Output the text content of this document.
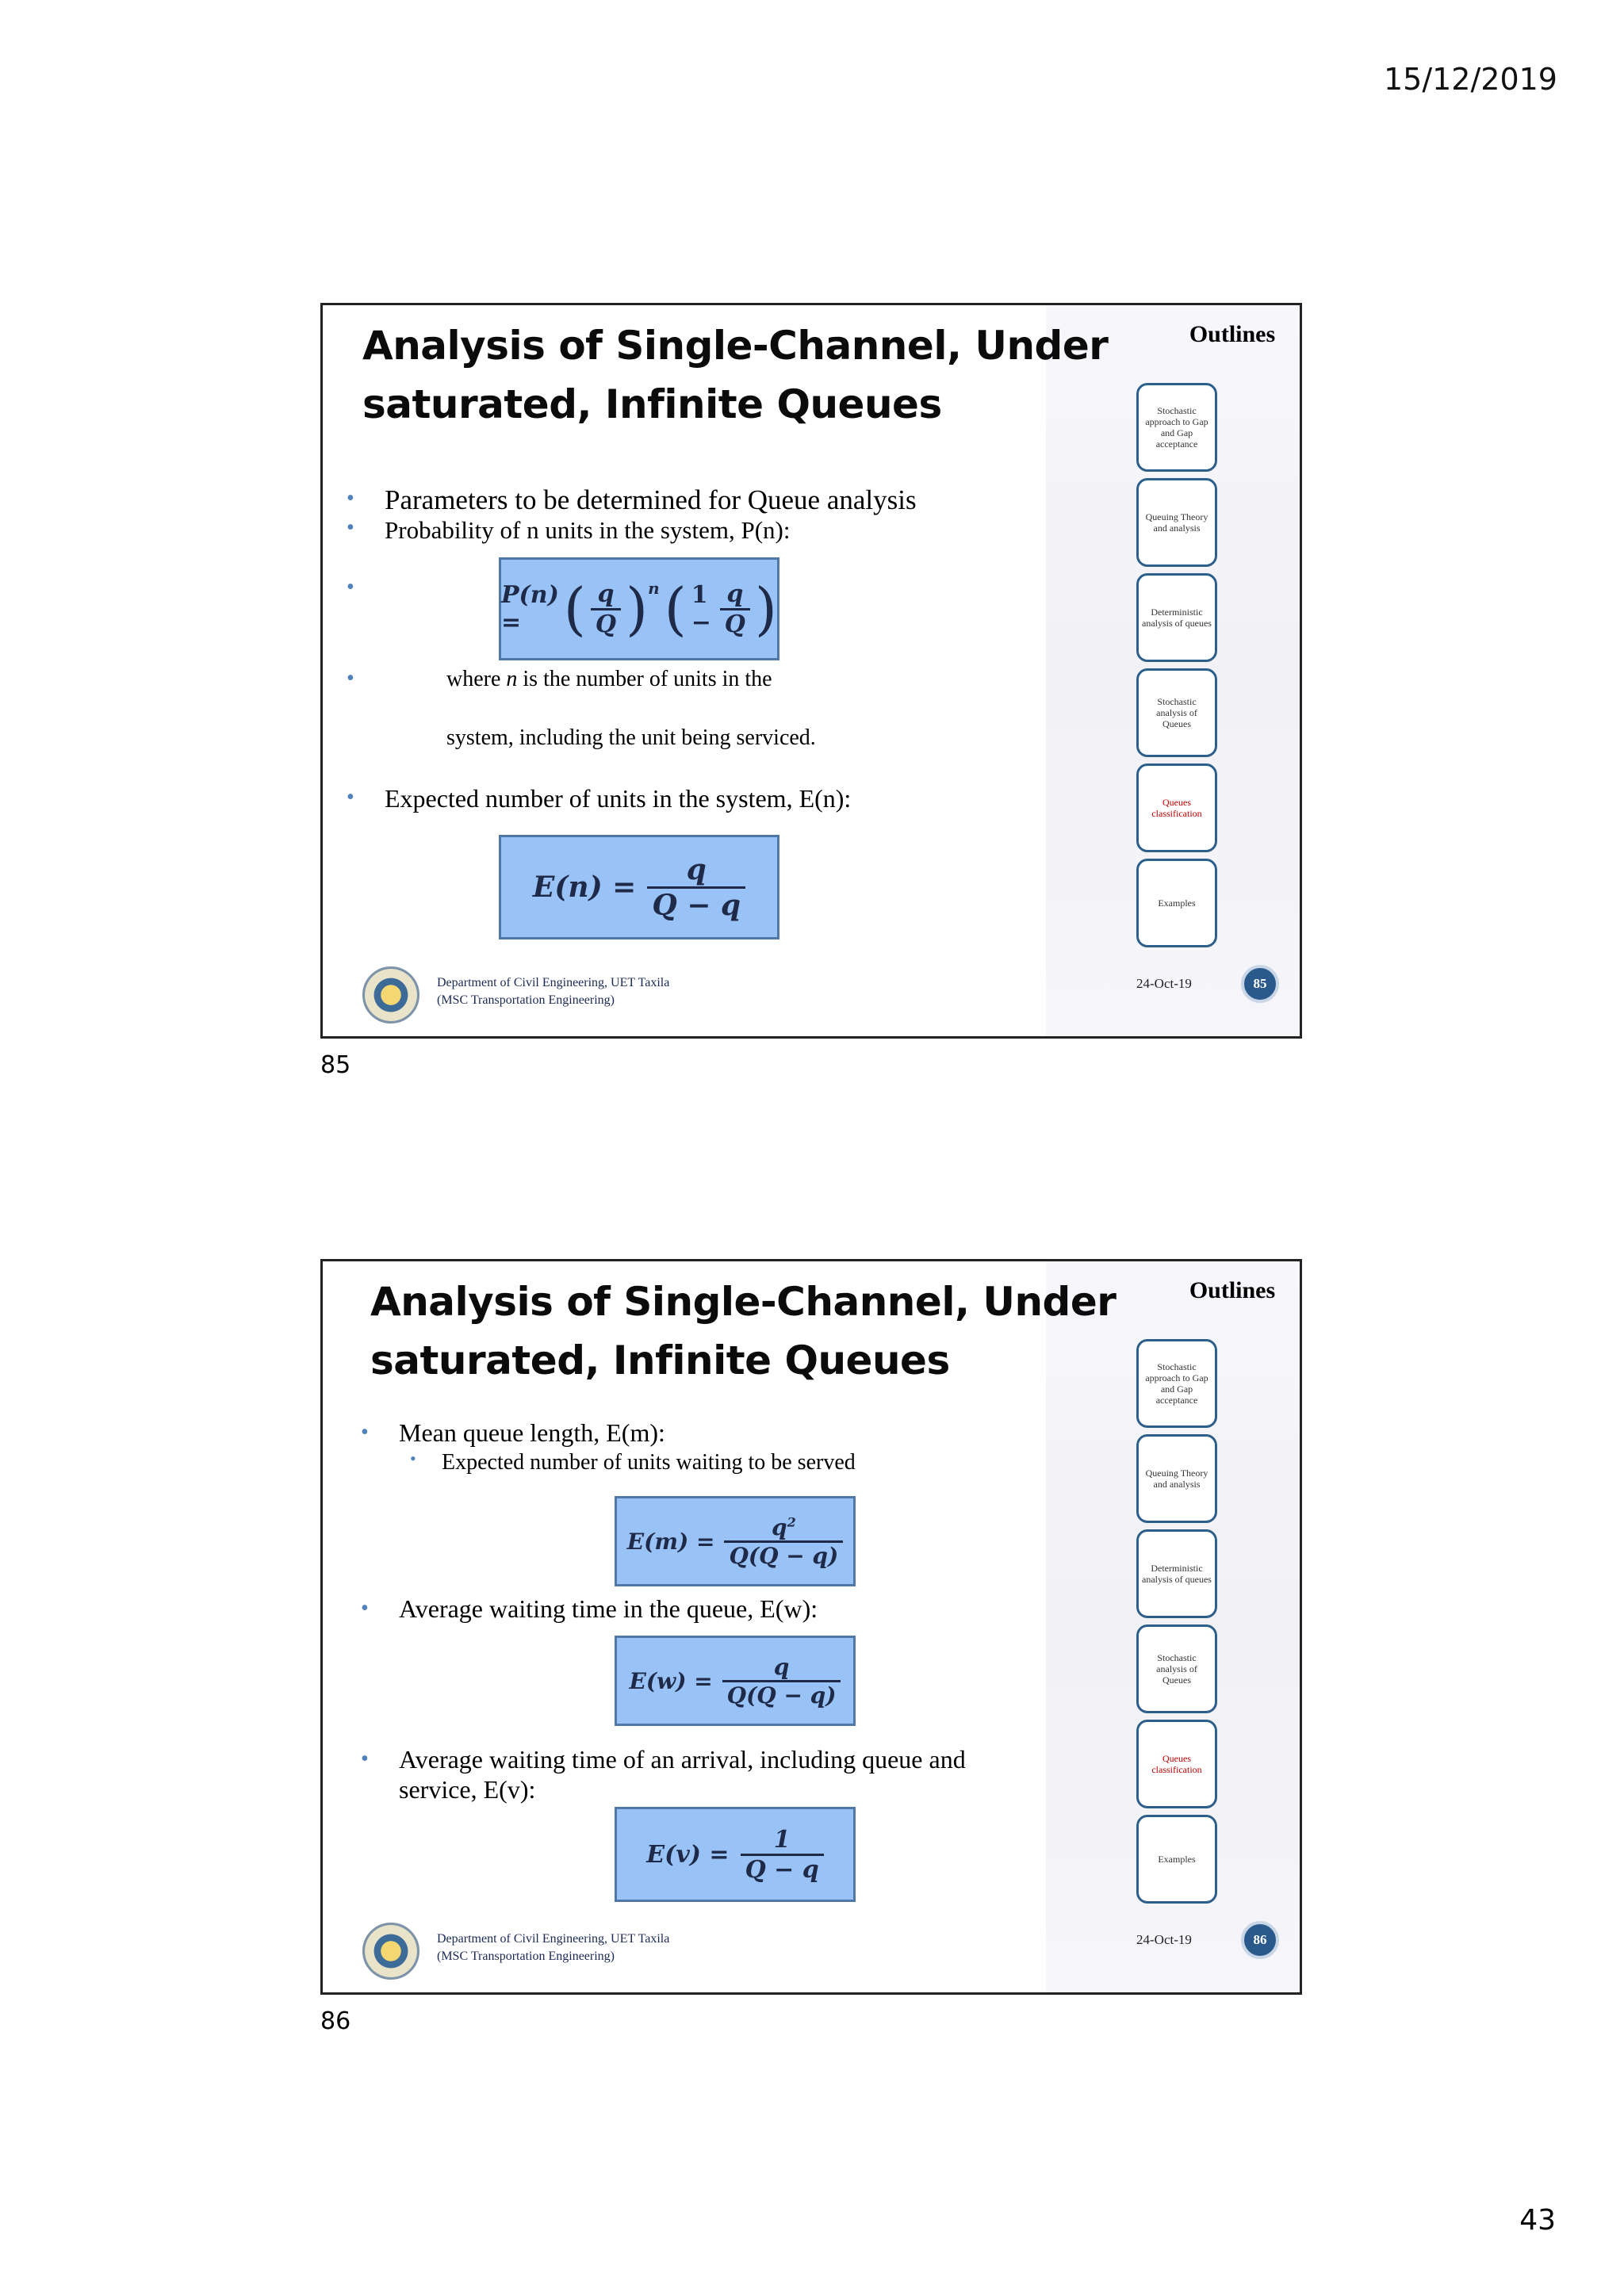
15/12/2019
Analysis of Single-Channel, Under
saturated, Infinite Queues
Outlines
Stochastic approach to Gap and Gap acceptance
Queuing Theory and analysis
Deterministic analysis of queues
Stochastic analysis of Queues
Queues classification
Examples
• Parameters to be determined for Queue analysis
• Probability of n units in the system, P(n):
•
•	where n is the number of units in the
system, including the unit being serviced.
• Expected number of units in the system, E(n):
P(n) = ( $\frac{q}{Q} )^n$ ( $1 - \frac{q}{Q}$ )
$E(n) = \frac{q}{Q - q}$
Department of Civil Engineering, UET Taxila
(MSC Transportation Engineering)
24-Oct-19	85
85
Analysis of Single-Channel, Under
saturated, Infinite Queues
Outlines
Stochastic approach to Gap and Gap acceptance
Queuing Theory and analysis
Deterministic analysis of queues
Stochastic analysis of Queues
Queues classification
Examples
• Mean queue length, E(m):
• Expected number of units waiting to be served
• Average waiting time in the queue, E(w):
• Average waiting time of an arrival, including queue and
service, E(v):
$E(m) = \frac{q^2}{Q(Q - q)}$
$E(w) = \frac{q}{Q(Q - q)}$
$E(v) = \frac{1}{Q - q}$
Department of Civil Engineering, UET Taxila
(MSC Transportation Engineering)
24-Oct-19	86
86
43
